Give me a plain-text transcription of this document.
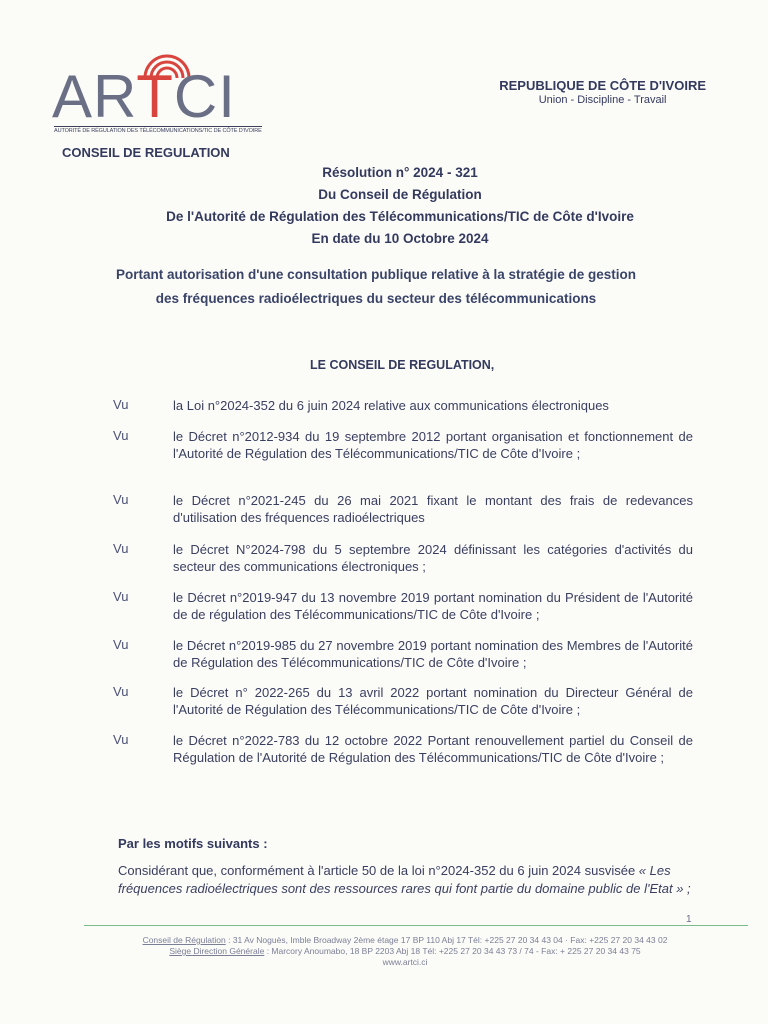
ARTCI
AUTORITÉ DE RÉGULATION DES TÉLÉCOMMUNICATIONS/TIC DE CÔTE D'IVOIRE
CONSEIL DE REGULATION
REPUBLIQUE DE CÔTE D'IVOIRE
Union - Discipline - Travail
Résolution n° 2024 - 321
Du Conseil de Régulation
De l'Autorité de Régulation des Télécommunications/TIC de Côte d'Ivoire
En date du 10 Octobre 2024
Portant autorisation d'une consultation publique relative à la stratégie de gestion
des fréquences radioélectriques du secteur des télécommunications
LE CONSEIL DE REGULATION,
Vu	la Loi n°2024-352 du 6 juin 2024 relative aux communications électroniques
Vu	le Décret n°2012-934 du 19 septembre 2012 portant organisation et fonctionnement de l'Autorité de Régulation des Télécommunications/TIC de Côte d'Ivoire ;
Vu	le Décret n°2021-245 du 26 mai 2021 fixant le montant des frais de redevances d'utilisation des fréquences radioélectriques
Vu	le Décret N°2024-798 du 5 septembre 2024 définissant les catégories d'activités du secteur des communications électroniques ;
Vu	le Décret n°2019-947 du 13 novembre 2019 portant nomination du Président de l'Autorité de de régulation des Télécommunications/TIC de Côte d'Ivoire ;
Vu	le Décret n°2019-985 du 27 novembre 2019 portant nomination des Membres de l'Autorité de Régulation des Télécommunications/TIC de Côte d'Ivoire ;
Vu	le Décret n° 2022-265 du 13 avril 2022 portant nomination du Directeur Général de l'Autorité de Régulation des Télécommunications/TIC de Côte d'Ivoire ;
Vu	le Décret n°2022-783 du 12 octobre 2022 Portant renouvellement partiel du Conseil de Régulation de l'Autorité de Régulation des Télécommunications/TIC de Côte d'Ivoire ;
Par les motifs suivants :
Considérant que, conformément à l'article 50 de la loi n°2024-352 du 6 juin 2024 susvisée « Les fréquences radioélectriques sont des ressources rares qui font partie du domaine public de l'Etat » ;
1
Conseil de Régulation : 31 Av Noguès, Imble Broadway 2ème étage 17 BP 110 Abj 17 Tél: +225 27 20 34 43 04 · Fax: +225 27 20 34 43 02
Siège Direction Générale : Marcory Anoumabo, 18 BP 2203 Abj 18 Tél: +225 27 20 34 43 73 / 74 - Fax: + 225 27 20 34 43 75
www.artci.ci
